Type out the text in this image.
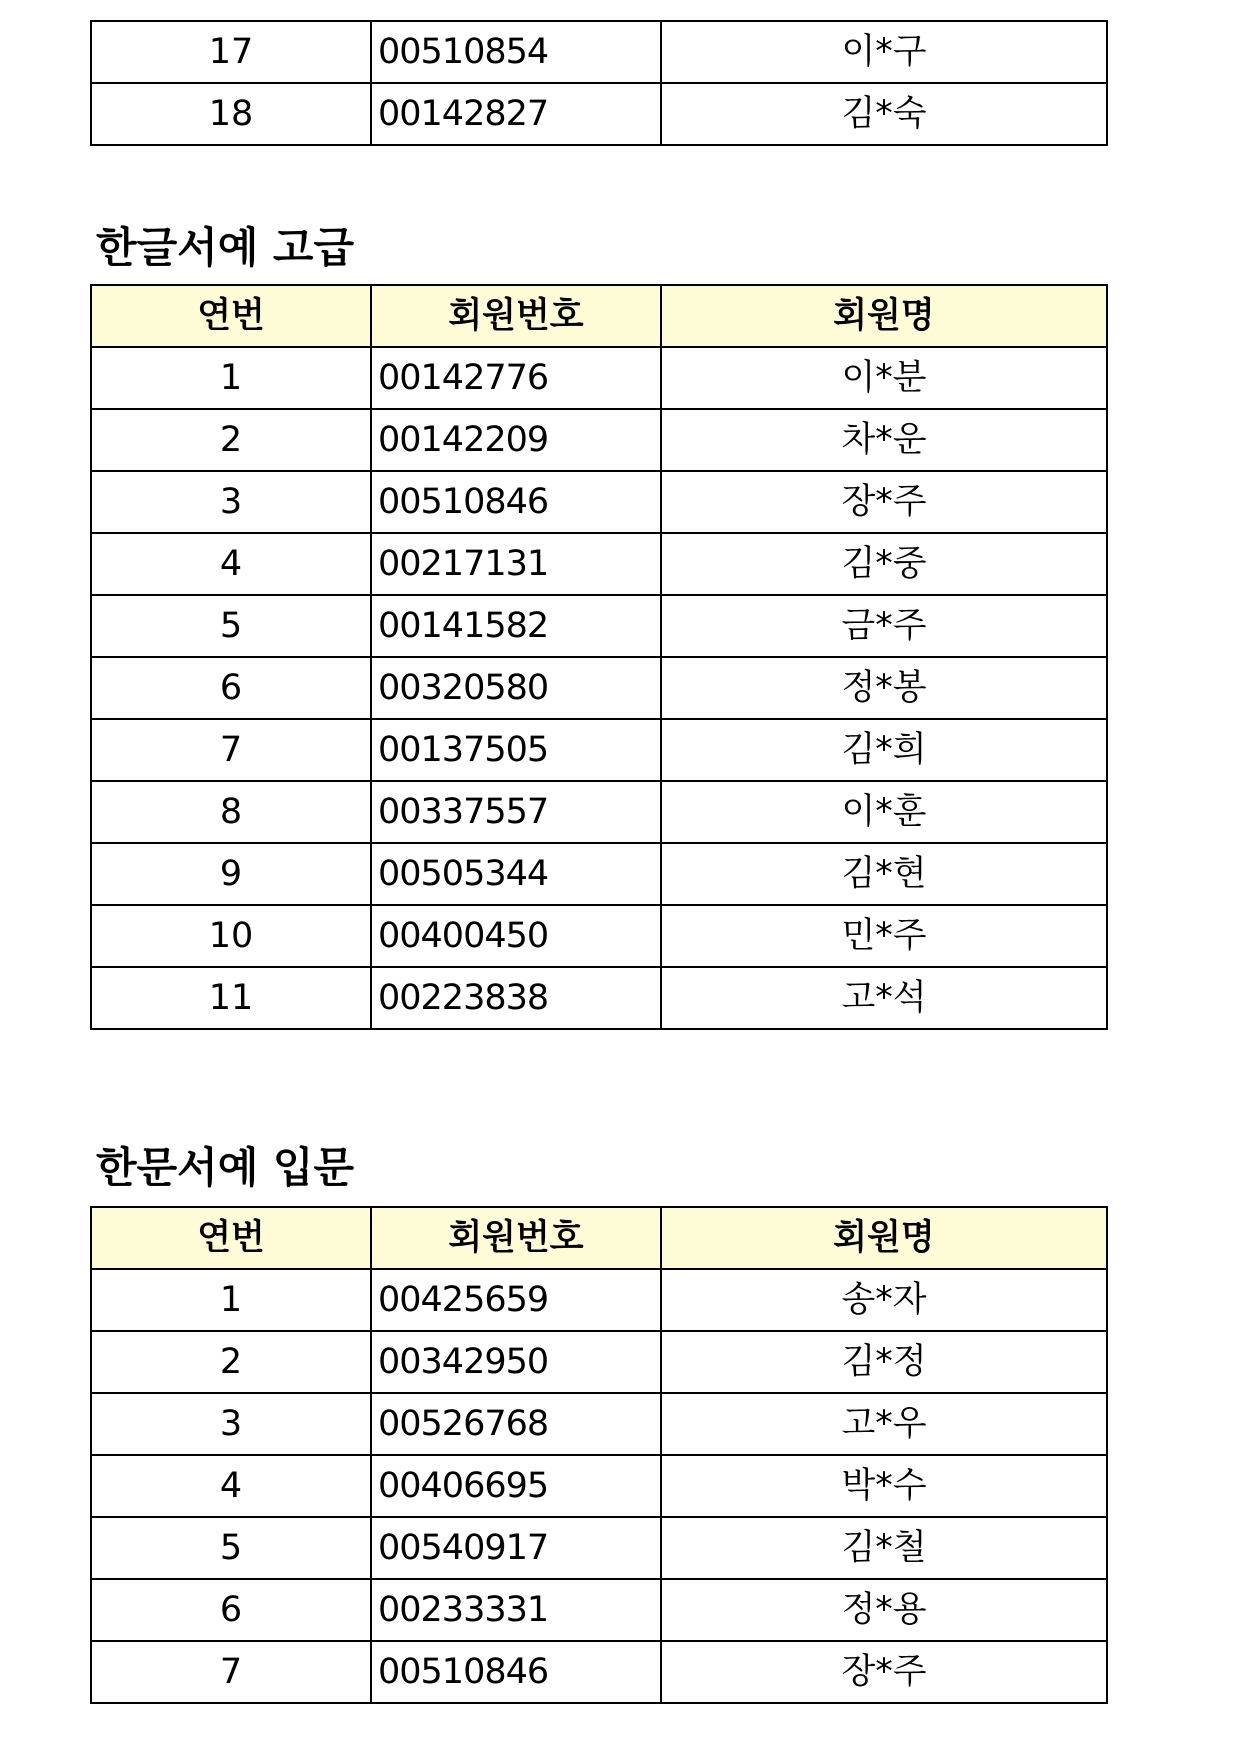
17	00510854	이*구
18	00142827	김*숙
한글서예 고급
연번	회원번호	회원명
1	00142776	이*분
2	00142209	차*운
3	00510846	장*주
4	00217131	김*중
5	00141582	금*주
6	00320580	정*봉
7	00137505	김*희
8	00337557	이*훈
9	00505344	김*현
10	00400450	민*주
11	00223838	고*석
한문서예 입문
연번	회원번호	회원명
1	00425659	송*자
2	00342950	김*정
3	00526768	고*우
4	00406695	박*수
5	00540917	김*철
6	00233331	정*용
7	00510846	장*주
